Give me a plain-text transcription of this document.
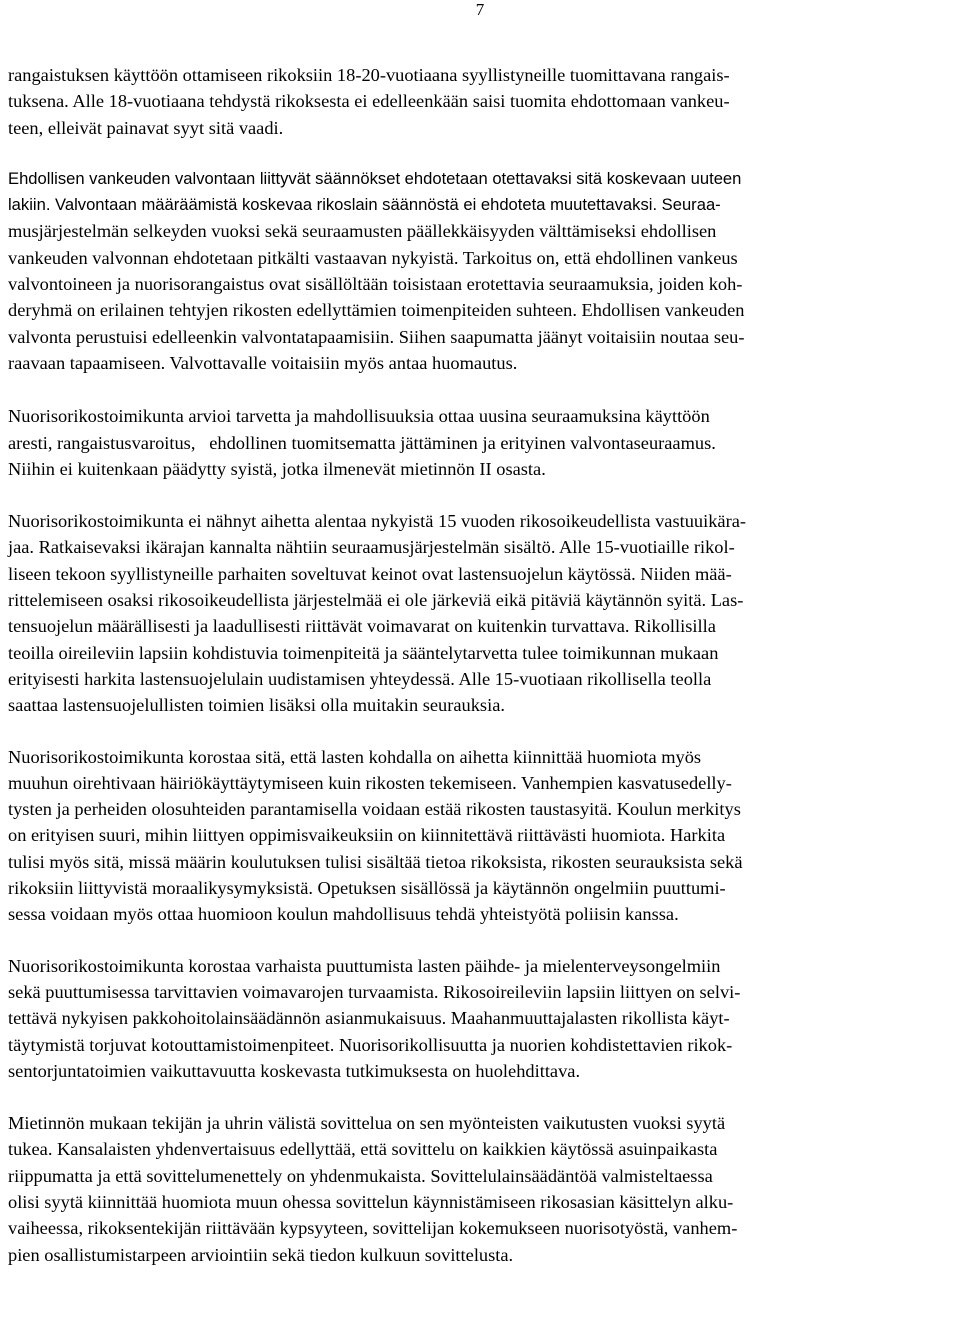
7

rangaistuksen käyttöön ottamiseen rikoksiin 18-20-vuotiaana syyllistyneille tuomittavana rangais-
tuksena. Alle 18-vuotiaana tehdystä rikoksesta ei edelleenkään saisi tuomita ehdottomaan vankeu-
teen, elleivät painavat syyt sitä vaadi.

Ehdollisen vankeuden valvontaan liittyvät säännökset ehdotetaan otettavaksi sitä koskevaan uuteen
lakiin. Valvontaan määräämistä koskevaa rikoslain säännöstä ei ehdoteta muutettavaksi. Seuraa-
musjärjestelmän selkeyden vuoksi sekä seuraamusten päällekkäisyyden välttämiseksi ehdollisen
vankeuden valvonnan ehdotetaan pitkälti vastaavan nykyistä. Tarkoitus on, että ehdollinen vankeus
valvontoineen ja nuorisorangaistus ovat sisällöltään toisistaan erotettavia seuraamuksia, joiden koh-
deryhmä on erilainen tehtyjen rikosten edellyttämien toimenpiteiden suhteen. Ehdollisen vankeuden
valvonta perustuisi edelleenkin valvontatapaamisiin. Siihen saapumatta jäänyt voitaisiin noutaa seu-
raavaan tapaamiseen. Valvottavalle voitaisiin myös antaa huomautus.

Nuorisorikostoimikunta arvioi tarvetta ja mahdollisuuksia ottaa uusina seuraamuksina käyttöön
aresti, rangaistusvaroitus,   ehdollinen tuomitsematta jättäminen ja erityinen valvontaseuraamus.
Niihin ei kuitenkaan päädytty syistä, jotka ilmenevät mietinnön II osasta.

Nuorisorikostoimikunta ei nähnyt aihetta alentaa nykyistä 15 vuoden rikosoikeudellista vastuuikära-
jaa. Ratkaisevaksi ikärajan kannalta nähtiin seuraamusjärjestelmän sisältö. Alle 15-vuotiaille rikol-
liseen tekoon syyllistyneille parhaiten soveltuvat keinot ovat lastensuojelun käytössä. Niiden mää-
rittelemiseen osaksi rikosoikeudellista järjestelmää ei ole järkeviä eikä pitäviä käytännön syitä. Las-
tensuojelun määrällisesti ja laadullisesti riittävät voimavarat on kuitenkin turvattava. Rikollisilla
teoilla oireileviin lapsiin kohdistuvia toimenpiteitä ja sääntelytarvetta tulee toimikunnan mukaan
erityisesti harkita lastensuojelulain uudistamisen yhteydessä. Alle 15-vuotiaan rikollisella teolla
saattaa lastensuojelullisten toimien lisäksi olla muitakin seurauksia.

Nuorisorikostoimikunta korostaa sitä, että lasten kohdalla on aihetta kiinnittää huomiota myös
muuhun oirehtivaan häiriökäyttäytymiseen kuin rikosten tekemiseen. Vanhempien kasvatusedelly-
tysten ja perheiden olosuhteiden parantamisella voidaan estää rikosten taustasyitä. Koulun merkitys
on erityisen suuri, mihin liittyen oppimisvaikeuksiin on kiinnitettävä riittävästi huomiota. Harkita
tulisi myös sitä, missä määrin koulutuksen tulisi sisältää tietoa rikoksista, rikosten seurauksista sekä
rikoksiin liittyvistä moraalikysymyksistä. Opetuksen sisällössä ja käytännön ongelmiin puuttumi-
sessa voidaan myös ottaa huomioon koulun mahdollisuus tehdä yhteistyötä poliisin kanssa.

Nuorisorikostoimikunta korostaa varhaista puuttumista lasten päihde- ja mielenterveysongelmiin
sekä puuttumisessa tarvittavien voimavarojen turvaamista. Rikosoireileviin lapsiin liittyen on selvi-
tettävä nykyisen pakkohoitolainsäädännön asianmukaisuus. Maahanmuuttajalasten rikollista käyt-
täytymistä torjuvat kotouttamistoimenpiteet. Nuorisorikollisuutta ja nuorien kohdistettavien rikok-
sentorjuntatoimien vaikuttavuutta koskevasta tutkimuksesta on huolehdittava.

Mietinnön mukaan tekijän ja uhrin välistä sovittelua on sen myönteisten vaikutusten vuoksi syytä
tukea. Kansalaisten yhdenvertaisuus edellyttää, että sovittelu on kaikkien käytössä asuinpaikasta
riippumatta ja että sovittelumenettely on yhdenmukaista. Sovittelulainsäädäntöä valmisteltaessa
olisi syytä kiinnittää huomiota muun ohessa sovittelun käynnistämiseen rikosasian käsittelyn alku-
vaiheessa, rikoksentekijän riittävään kypsyyteen, sovittelijan kokemukseen nuorisotyöstä, vanhem-
pien osallistumistarpeen arviointiin sekä tiedon kulkuun sovittelusta.
